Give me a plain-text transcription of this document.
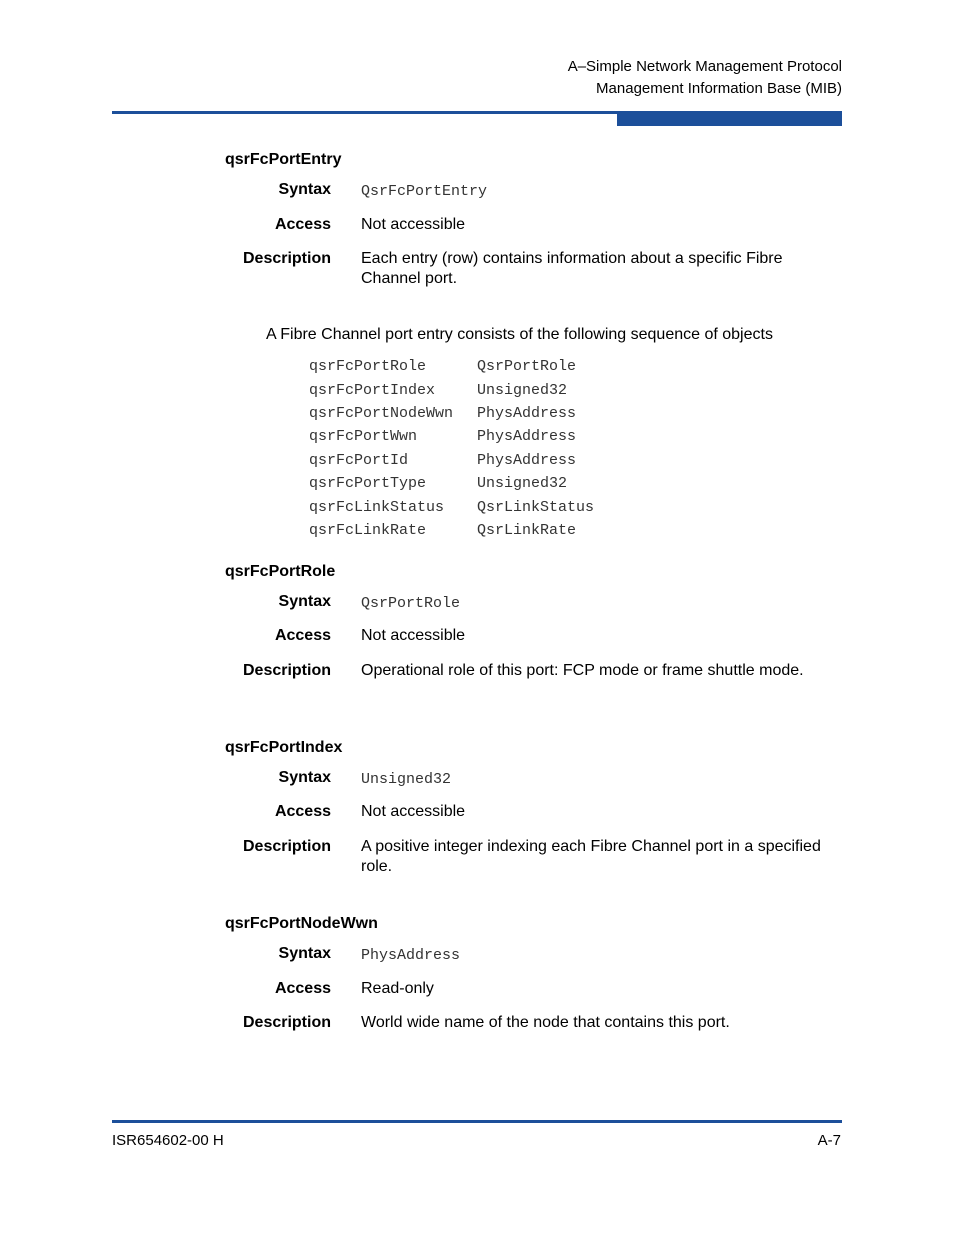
A–Simple Network Management Protocol
Management Information Base (MIB)
qsrFcPortEntry
Syntax QsrFcPortEntry
Access Not accessible
Description Each entry (row) contains information about a specific Fibre Channel port.
A Fibre Channel port entry consists of the following sequence of objects
qsrFcPortRole	QsrPortRole
qsrFcPortIndex	Unsigned32
qsrFcPortNodeWwn	PhysAddress
qsrFcPortWwn	PhysAddress
qsrFcPortId	PhysAddress
qsrFcPortType	Unsigned32
qsrFcLinkStatus	QsrLinkStatus
qsrFcLinkRate	QsrLinkRate
qsrFcPortRole
Syntax QsrPortRole
Access Not accessible
Description Operational role of this port: FCP mode or frame shuttle mode.
qsrFcPortIndex
Syntax Unsigned32
Access Not accessible
Description A positive integer indexing each Fibre Channel port in a specified role.
qsrFcPortNodeWwn
Syntax PhysAddress
Access Read-only
Description World wide name of the node that contains this port.
ISR654602-00 H	A-7
